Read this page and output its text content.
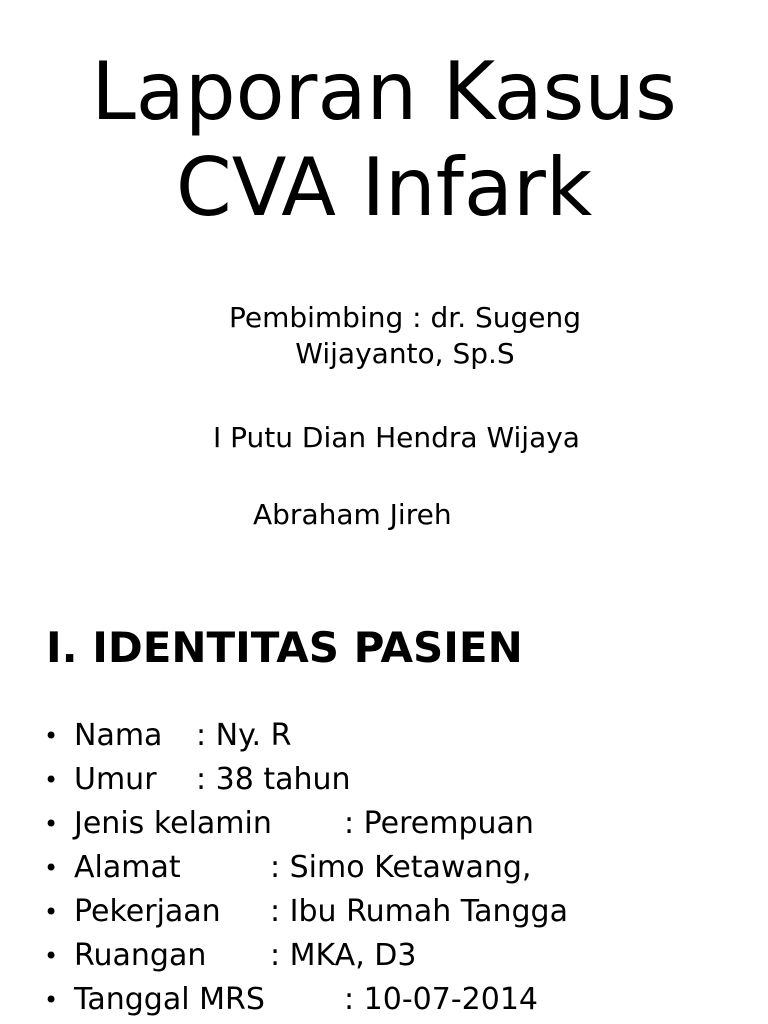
Laporan Kasus
CVA Infark
Pembimbing : dr. Sugeng
Wijayanto, Sp.S
I Putu Dian Hendra Wijaya
Abraham Jireh
I. IDENTITAS PASIEN
• Nama : Ny. R
• Umur : 38 tahun
• Jenis kelamin : Perempuan
• Alamat	: Simo Ketawang,
• Pekerjaan : Ibu Rumah Tangga
• Ruangan : MKA, D3
• Tanggal MRS	: 10-07-2014
